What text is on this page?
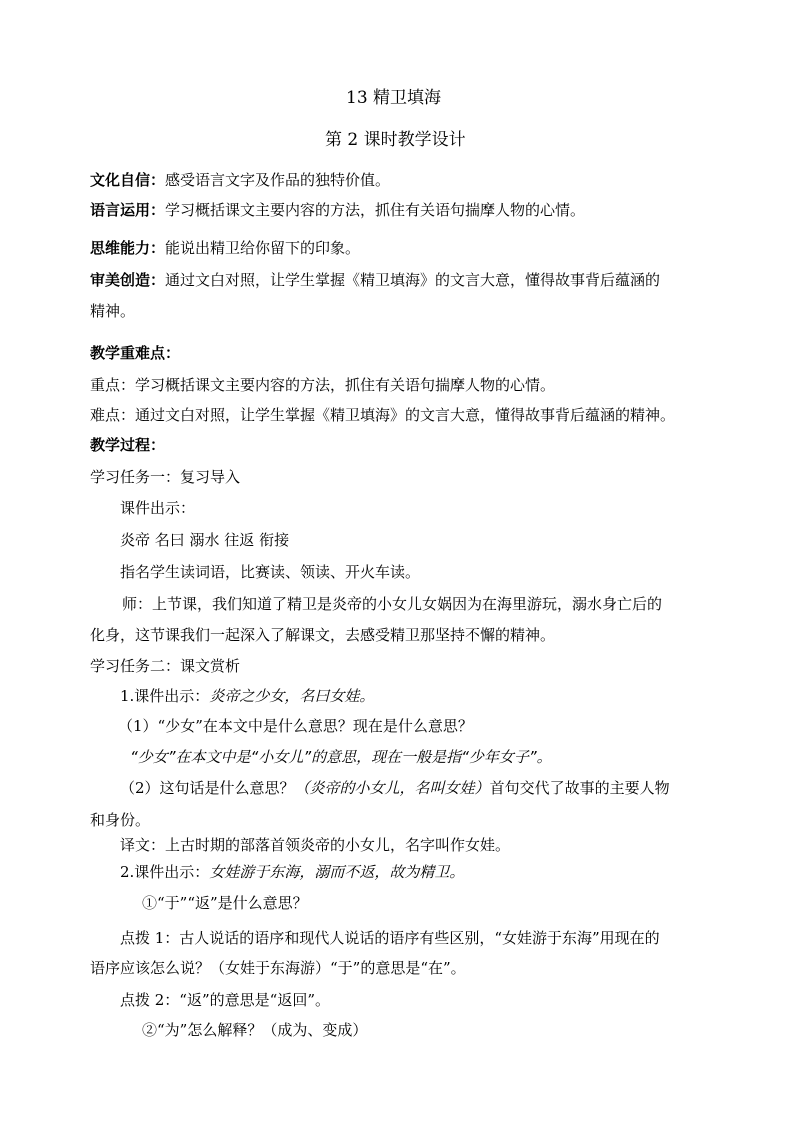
13 精卫填海
第 2 课时教学设计
文化自信：感受语言文字及作品的独特价值。
语言运用：学习概括课文主要内容的方法，抓住有关语句揣摩人物的心情。
思维能力：能说出精卫给你留下的印象。
审美创造：通过文白对照，让学生掌握《精卫填海》的文言大意，懂得故事背后蕴涵的
精神。
教学重难点：
重点：学习概括课文主要内容的方法，抓住有关语句揣摩人物的心情。
难点：通过文白对照，让学生掌握《精卫填海》的文言大意，懂得故事背后蕴涵的精神。
教学过程：
学习任务一：复习导入
课件出示：
炎帝 名曰 溺水 往返 衔接
指名学生读词语，比赛读、领读、开火车读。
师：上节课，我们知道了精卫是炎帝的小女儿女娲因为在海里游玩，溺水身亡后的
化身，这节课我们一起深入了解课文，去感受精卫那坚持不懈的精神。
学习任务二：课文赏析
1.课件出示：炎帝之少女，名曰女娃。
（1）“少女”在本文中是什么意思？现在是什么意思？
“少女”在本文中是“小女儿”的意思，现在一般是指“少年女子”。
（2）这句话是什么意思？（炎帝的小女儿，名叫女娃）首句交代了故事的主要人物
和身份。
译文：上古时期的部落首领炎帝的小女儿，名字叫作女娃。
2.课件出示：女娃游于东海，溺而不返，故为精卫。
①“于”“返”是什么意思？
点拨 1：古人说话的语序和现代人说话的语序有些区别，“女娃游于东海”用现在的
语序应该怎么说？（女娃于东海游）“于”的意思是“在”。
点拨 2：“返”的意思是“返回”。
②“为”怎么解释？（成为、变成）
